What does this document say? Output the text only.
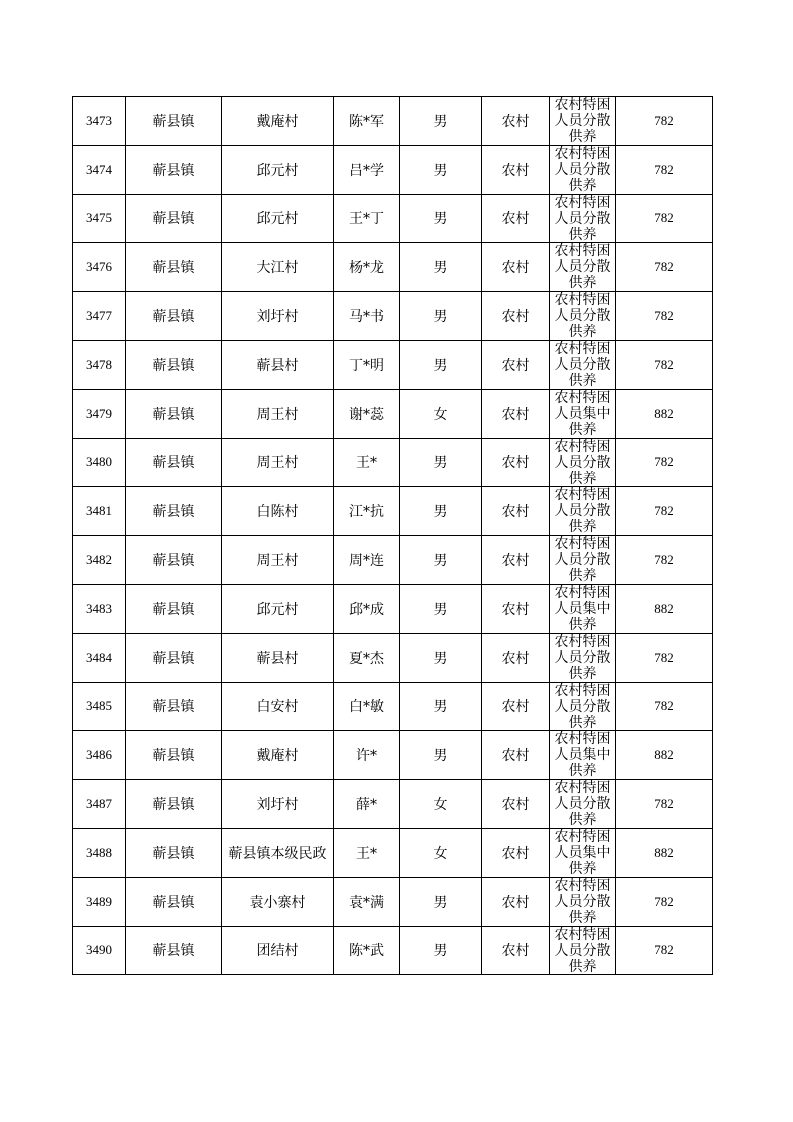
3473	蕲县镇	戴庵村	陈*军	男	农村	农村特困人员分散供养	782
3474	蕲县镇	邱元村	吕*学	男	农村	农村特困人员分散供养	782
3475	蕲县镇	邱元村	王*丁	男	农村	农村特困人员分散供养	782
3476	蕲县镇	大江村	杨*龙	男	农村	农村特困人员分散供养	782
3477	蕲县镇	刘圩村	马*书	男	农村	农村特困人员分散供养	782
3478	蕲县镇	蕲县村	丁*明	男	农村	农村特困人员分散供养	782
3479	蕲县镇	周王村	谢*蕊	女	农村	农村特困人员集中供养	882
3480	蕲县镇	周王村	王*	男	农村	农村特困人员分散供养	782
3481	蕲县镇	白陈村	江*抗	男	农村	农村特困人员分散供养	782
3482	蕲县镇	周王村	周*连	男	农村	农村特困人员分散供养	782
3483	蕲县镇	邱元村	邱*成	男	农村	农村特困人员集中供养	882
3484	蕲县镇	蕲县村	夏*杰	男	农村	农村特困人员分散供养	782
3485	蕲县镇	白安村	白*敏	男	农村	农村特困人员分散供养	782
3486	蕲县镇	戴庵村	许*	男	农村	农村特困人员集中供养	882
3487	蕲县镇	刘圩村	薛*	女	农村	农村特困人员分散供养	782
3488	蕲县镇	蕲县镇本级民政	王*	女	农村	农村特困人员集中供养	882
3489	蕲县镇	袁小寨村	袁*满	男	农村	农村特困人员分散供养	782
3490	蕲县镇	团结村	陈*武	男	农村	农村特困人员分散供养	782
